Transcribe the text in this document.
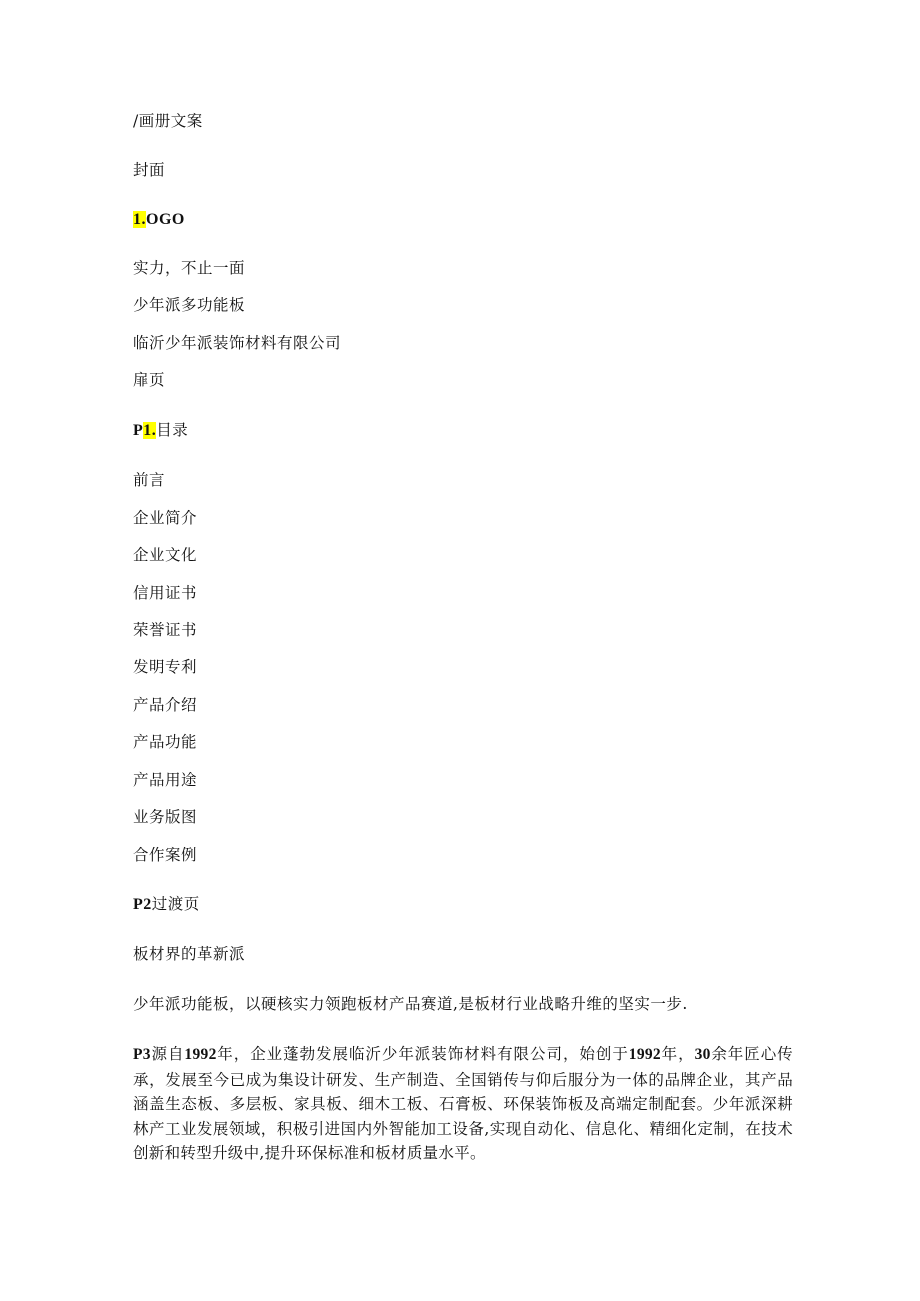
/画册文案
封面
1.OGO
实力，不止一面
少年派多功能板
临沂少年派装饰材料有限公司
扉页
P1.目录
前言
企业简介
企业文化
信用证书
荣誉证书
发明专利
产品介绍
产品功能
产品用途
业务版图
合作案例
P2过渡页
板材界的革新派
少年派功能板，以硬核实力领跑板材产品赛道,是板材行业战略升维的坚实一步.
P3源自1992年，企业蓬勃发展临沂少年派装饰材料有限公司，始创于1992年，30余年匠心传承，发展至今已成为集设计研发、生产制造、全国销传与仰后服分为一体的品牌企业，其产品涵盖生态板、多层板、家具板、细木工板、石膏板、环保装饰板及高端定制配套。少年派深耕林产工业发展领域，积极引进国内外智能加工设备,实现自动化、信息化、精细化定制，在技术创新和转型升级中,提升环保标准和板材质量水平。
